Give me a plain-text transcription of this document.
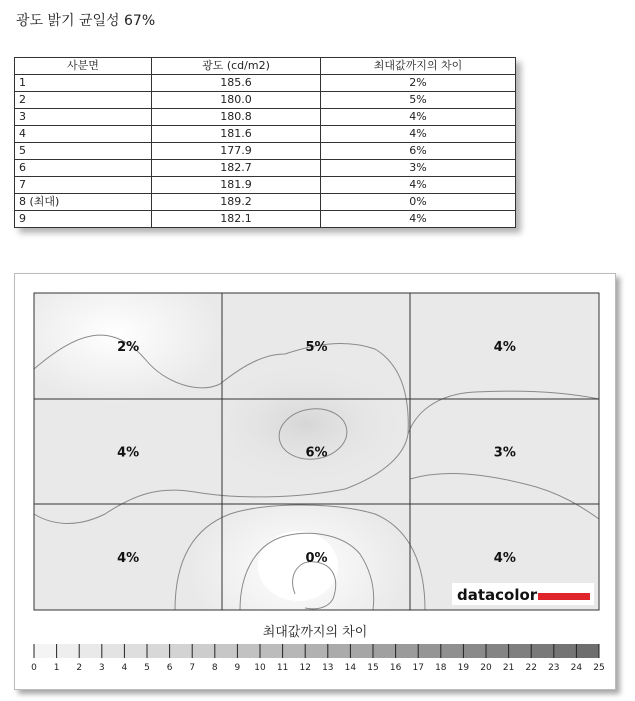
광도 밝기 균일성 67%
사분면	광도 (cd/m2)	최대값까지의 차이
1	185.6	2%
2	180.0	5%
3	180.8	4%
4	181.6	4%
5	177.9	6%
6	182.7	3%
7	181.9	4%
8 (최대)	189.2	0%
9	182.1	4%
2%	5%	4%
4%	6%	3%
4%	0%	4%
datacolor
최대값까지의 차이
0 1 2 3 4 5 6 7 8 9 10 11 12 13 14 15 16 17 18 19 20 21 22 23 24 25
